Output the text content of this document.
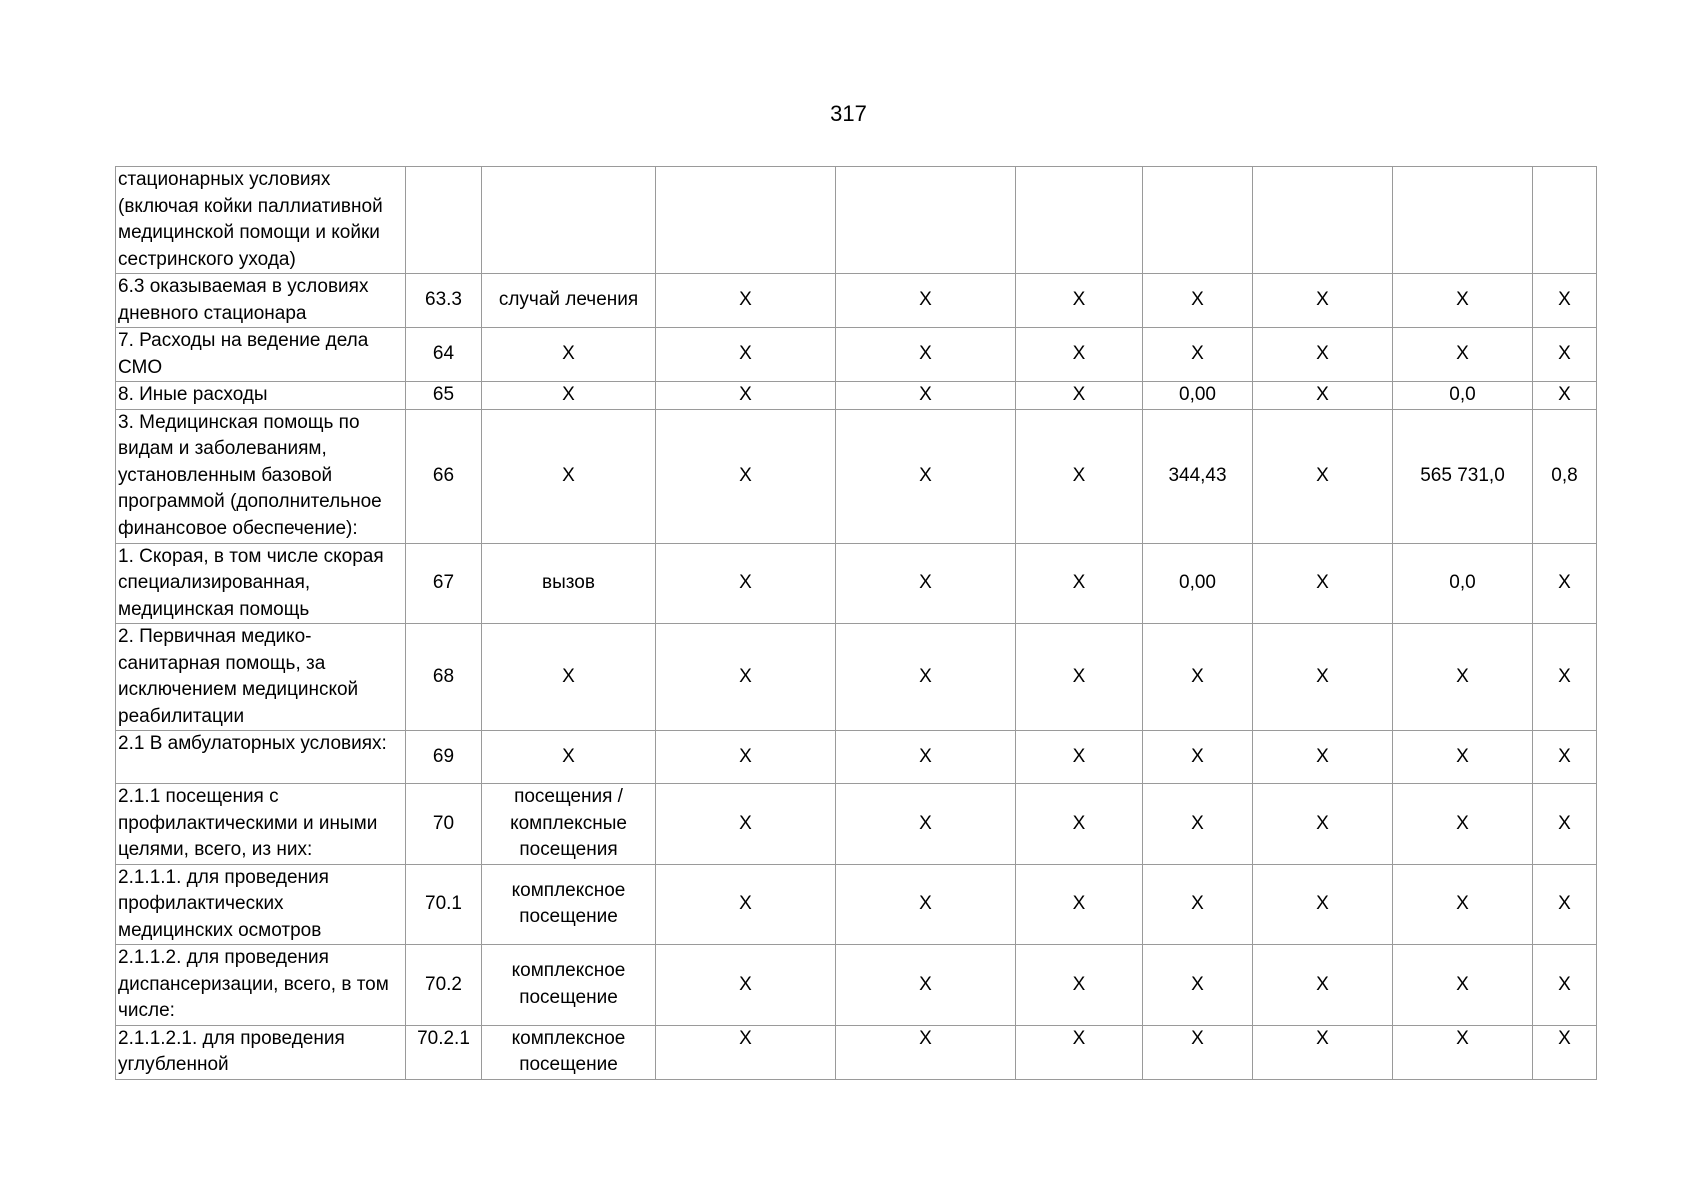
317
стационарных условиях (включая койки паллиативной медицинской помощи и койки сестринского ухода)									
6.3 оказываемая в условиях дневного стационара	63.3	случай лечения	X	X	X	X	X	X	X
7. Расходы на ведение дела СМО	64	X	X	X	X	X	X	X	X
8. Иные расходы	65	X	X	X	X	0,00	X	0,0	X
3. Медицинская помощь по видам и заболеваниям, установленным базовой программой (дополнительное финансовое обеспечение):	66	X	X	X	X	344,43	X	565 731,0	0,8
1. Скорая, в том числе скорая специализированная, медицинская помощь	67	вызов	X	X	X	0,00	X	0,0	X
2. Первичная медико-санитарная помощь, за исключением медицинской реабилитации	68	X	X	X	X	X	X	X	X
2.1 В амбулаторных условиях:	69	X	X	X	X	X	X	X	X
2.1.1 посещения с профилактическими и иными целями, всего, из них:	70	посещения / комплексные посещения	X	X	X	X	X	X	X
2.1.1.1. для проведения профилактических медицинских осмотров	70.1	комплексное посещение	X	X	X	X	X	X	X
2.1.1.2. для проведения диспансеризации, всего, в том числе:	70.2	комплексное посещение	X	X	X	X	X	X	X
2.1.1.2.1. для проведения углубленной	70.2.1	комплексное посещение	X	X	X	X	X	X	X
